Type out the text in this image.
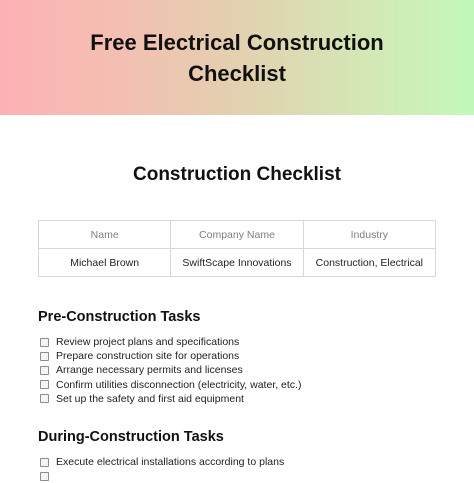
Free Electrical Construction Checklist
Construction Checklist
Name	Company Name	Industry
Michael Brown	SwiftScape Innovations	Construction, Electrical
Pre-Construction Tasks
Review project plans and specifications
Prepare construction site for operations
Arrange necessary permits and licenses
Confirm utilities disconnection (electricity, water, etc.)
Set up the safety and first aid equipment
During-Construction Tasks
Execute electrical installations according to plans
